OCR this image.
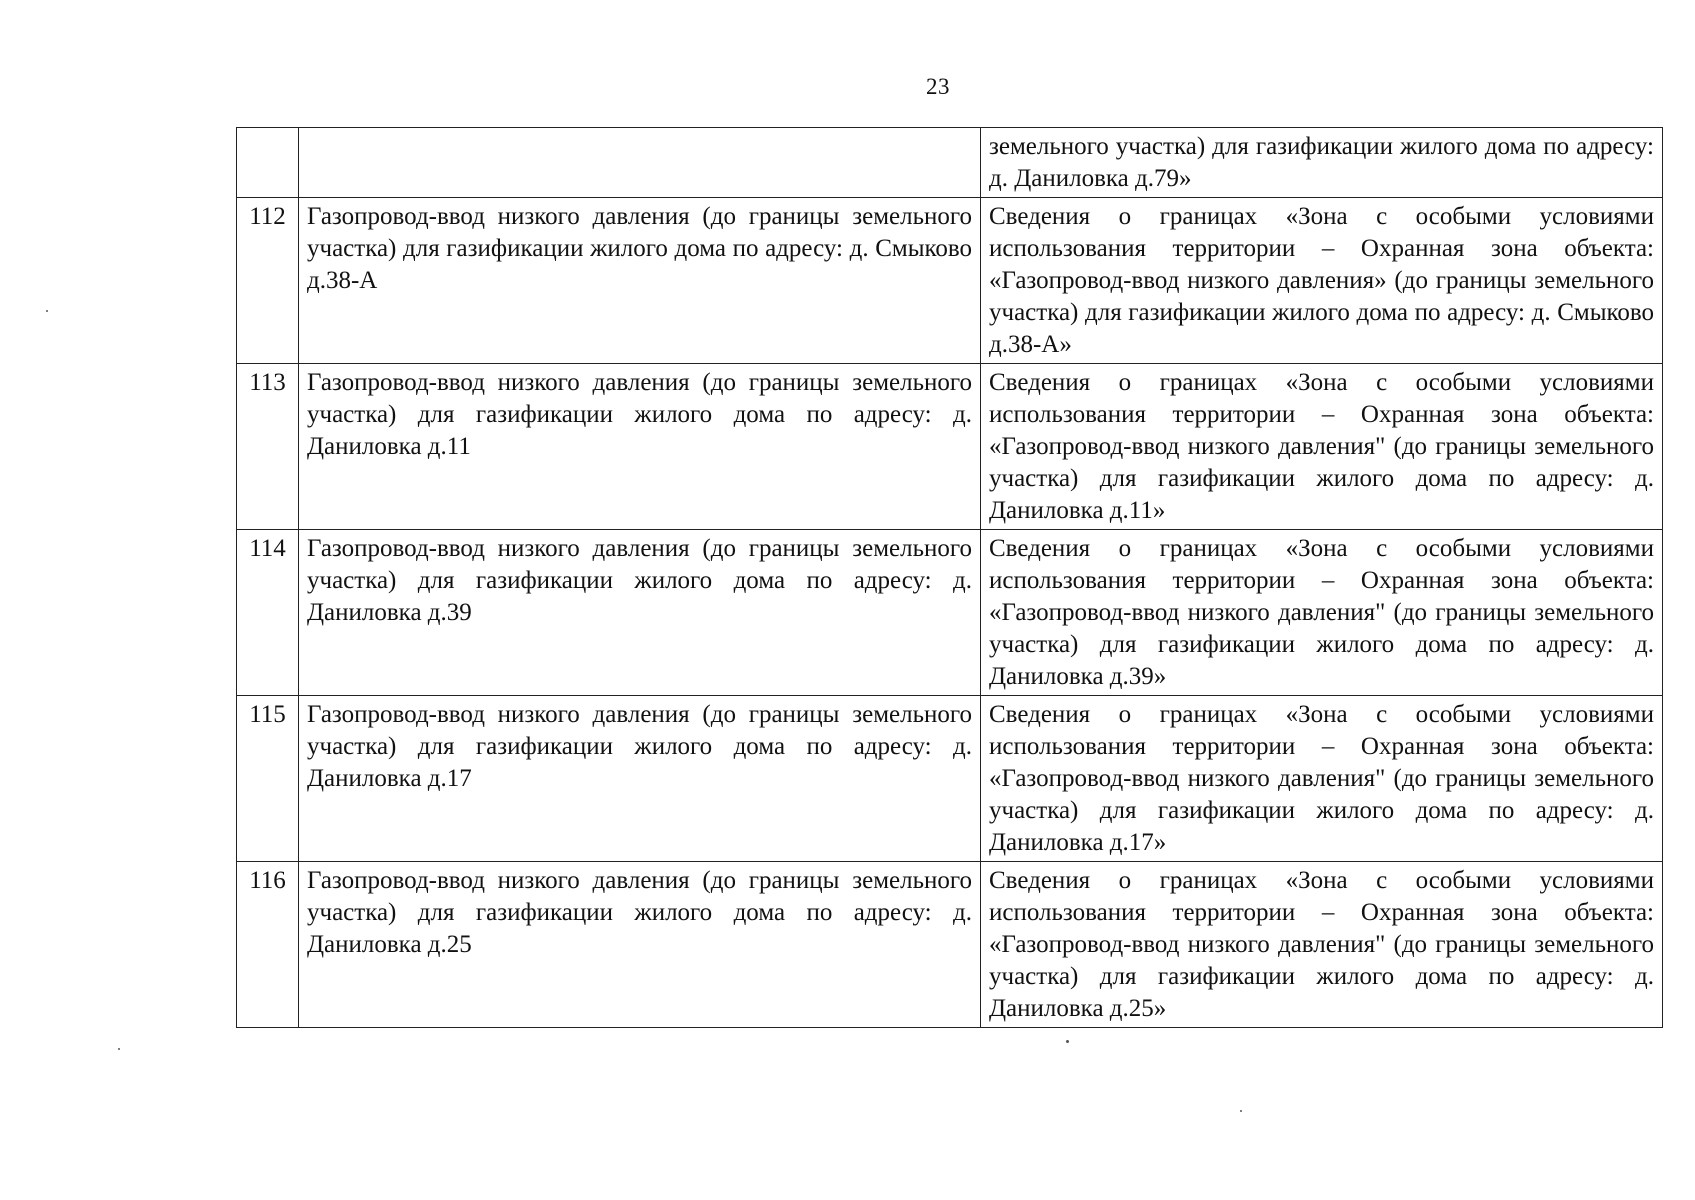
23
		земельного участка) для газификации жилого дома по адресу: д. Даниловка д.79»
112	Газопровод-ввод низкого давления (до границы земельного участка) для газификации жилого дома по адресу: д. Смыково д.38-А	Сведения о границах «Зона с особыми условиями использования территории – Охранная зона объекта: «Газопровод-ввод низкого давления» (до границы земельного участка) для газификации жилого дома по адресу: д. Смыково д.38-А»
113	Газопровод-ввод низкого давления (до границы земельного участка) для газификации жилого дома по адресу: д. Даниловка д.11	Сведения о границах «Зона с особыми условиями использования территории – Охранная зона объекта: «Газопровод-ввод низкого давления" (до границы земельного участка) для газификации жилого дома по адресу: д. Даниловка д.11»
114	Газопровод-ввод низкого давления (до границы земельного участка) для газификации жилого дома по адресу: д. Даниловка д.39	Сведения о границах «Зона с особыми условиями использования территории – Охранная зона объекта: «Газопровод-ввод низкого давления" (до границы земельного участка) для газификации жилого дома по адресу: д. Даниловка д.39»
115	Газопровод-ввод низкого давления (до границы земельного участка) для газификации жилого дома по адресу: д. Даниловка д.17	Сведения о границах «Зона с особыми условиями использования территории – Охранная зона объекта: «Газопровод-ввод низкого давления" (до границы земельного участка) для газификации жилого дома по адресу: д. Даниловка д.17»
116	Газопровод-ввод низкого давления (до границы земельного участка) для газификации жилого дома по адресу: д. Даниловка д.25	Сведения о границах «Зона с особыми условиями использования территории – Охранная зона объекта: «Газопровод-ввод низкого давления" (до границы земельного участка) для газификации жилого дома по адресу: д. Даниловка д.25»
